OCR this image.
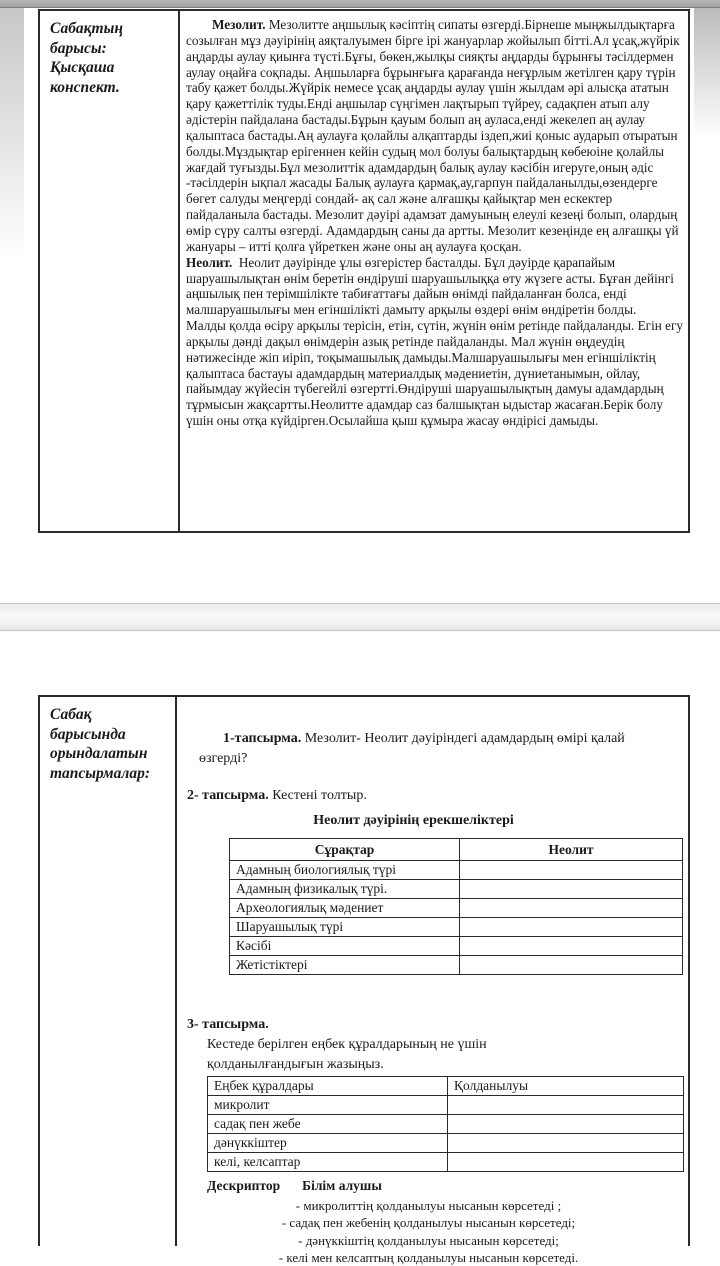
Сабақтың барысы: Қысқаша конспект.

Мезолит. Мезолитте аңшылық кәсіптің сипаты өзгерді.Бірнеше мыңжылдықтарға созылған мұз дәуірінің аяқталуымен бірге ірі жануарлар жойылып бітті.Ал ұсақ,жүйрік аңдарды аулау қиынға түсті.Бұғы, бөкен,жылқы сияқты аңдарды бұрынғы тәсілдермен аулау оңайға соқпады. Аңшыларға бұрынғыға қарағанда неғұрлым жетілген қару түрін табу қажет болды.Жүйрік немесе ұсақ аңдарды аулау үшін жылдам әрі алысқа ататын қару қажеттілік туды.Енді аңшылар сүңгімен лақтырып түйреу, садақпен атып алу әдістерін пайдалана бастады.Бұрын қауым болып аң ауласа,енді жекелеп аң аулау қалыптаса бастады.Аң аулауға қолайлы алқаптарды іздеп,жиі қоныс аударып отыратын болды.Мұздықтар ерігеннен кейін судың мол болуы балықтардың көбеюіне қолайлы жағдай туғызды.Бұл мезолиттік адамдардың балық аулау кәсібін игеруге,оның әдіс -тәсілдерін ықпал жасады Балық аулауға қармақ,ау,гарпун пайдаланылды,өзендерге бөгет салуды меңгерді сондай- ақ сал және алғашқы қайықтар мен ескектер пайдаланыла бастады. Мезолит дәуірі адамзат дамуының елеулі кезеңі болып, олардың өмір сүру салты өзгерді. Адамдардың саны да артты. Мезолит кезеңінде ең алғашқы үй жануары – итті қолға үйреткен және оны аң аулауға қосқан.

Неолит. Неолит дәуірінде ұлы өзгерістер басталды. Бұл дәуірде қарапайым шаруашылықтан өнім беретін өндіруші шаруашылыққа өту жүзеге асты. Бұған дейінгі аңшылық пен терімшілікте табиғаттағы дайын өнімді пайдаланған болса, енді малшаруашылығы мен егіншілікті дамыту арқылы өздері өнім өндіретін болды.

Малды қолда өсіру арқылы терісін, етін, сүтін, жүнін өнім ретінде пайдаланды. Егін егу арқылы дәнді дақыл өнімдерін азық ретінде пайдаланды. Мал жүнін өңдеудің нәтижесінде жіп иіріп, тоқымашылық дамыды.Малшаруашылығы мен егіншіліктің қалыптаса бастауы адамдардың материалдық мәдениетін, дүниетанымын, ойлау, пайымдау жүйесін түбегейлі өзгертті.Өндіруші шаруашылықтың дамуы адамдардың тұрмысын жақсартты.Неолитте адамдар саз балшықтан ыдыстар жасаған.Берік болу үшін оны отқа күйдірген.Осылайша қыш құмыра жасау өндірісі дамыды.

Сабақ барысында орындалатын тапсырмалар:

1-тапсырма. Мезолит- Неолит дәуіріндегі адамдардың өмірі қалай өзгерді?

2- тапсырма. Кестені толтыр.

Неолит дәуірінің ерекшеліктері
Сұрақтар	Неолит
Адамның биологиялық түрі	
Адамның физикалық түрі.	
Археологиялық мәдениет	
Шаруашылық түрі	
Кәсібі	
Жетістіктері	
3- тапсырма.
Кестеде берілген еңбек құралдарының не үшін қолданылғандығын жазыңыз.
Еңбек құралдары	Қолданылуы
микролит	
садақ пен жебе	
дәнүккіштер	
келі, келсаптар	
Дескриптор Білім алушы
- микролиттің қолданылуы нысанын көрсетеді ;
- садақ пен жебенің қолданылуы нысанын көрсетеді;
- дәнүккіштің қолданылуы нысанын көрсетеді;
- келі мен келсаптың қолданылуы нысанын көрсетеді.
